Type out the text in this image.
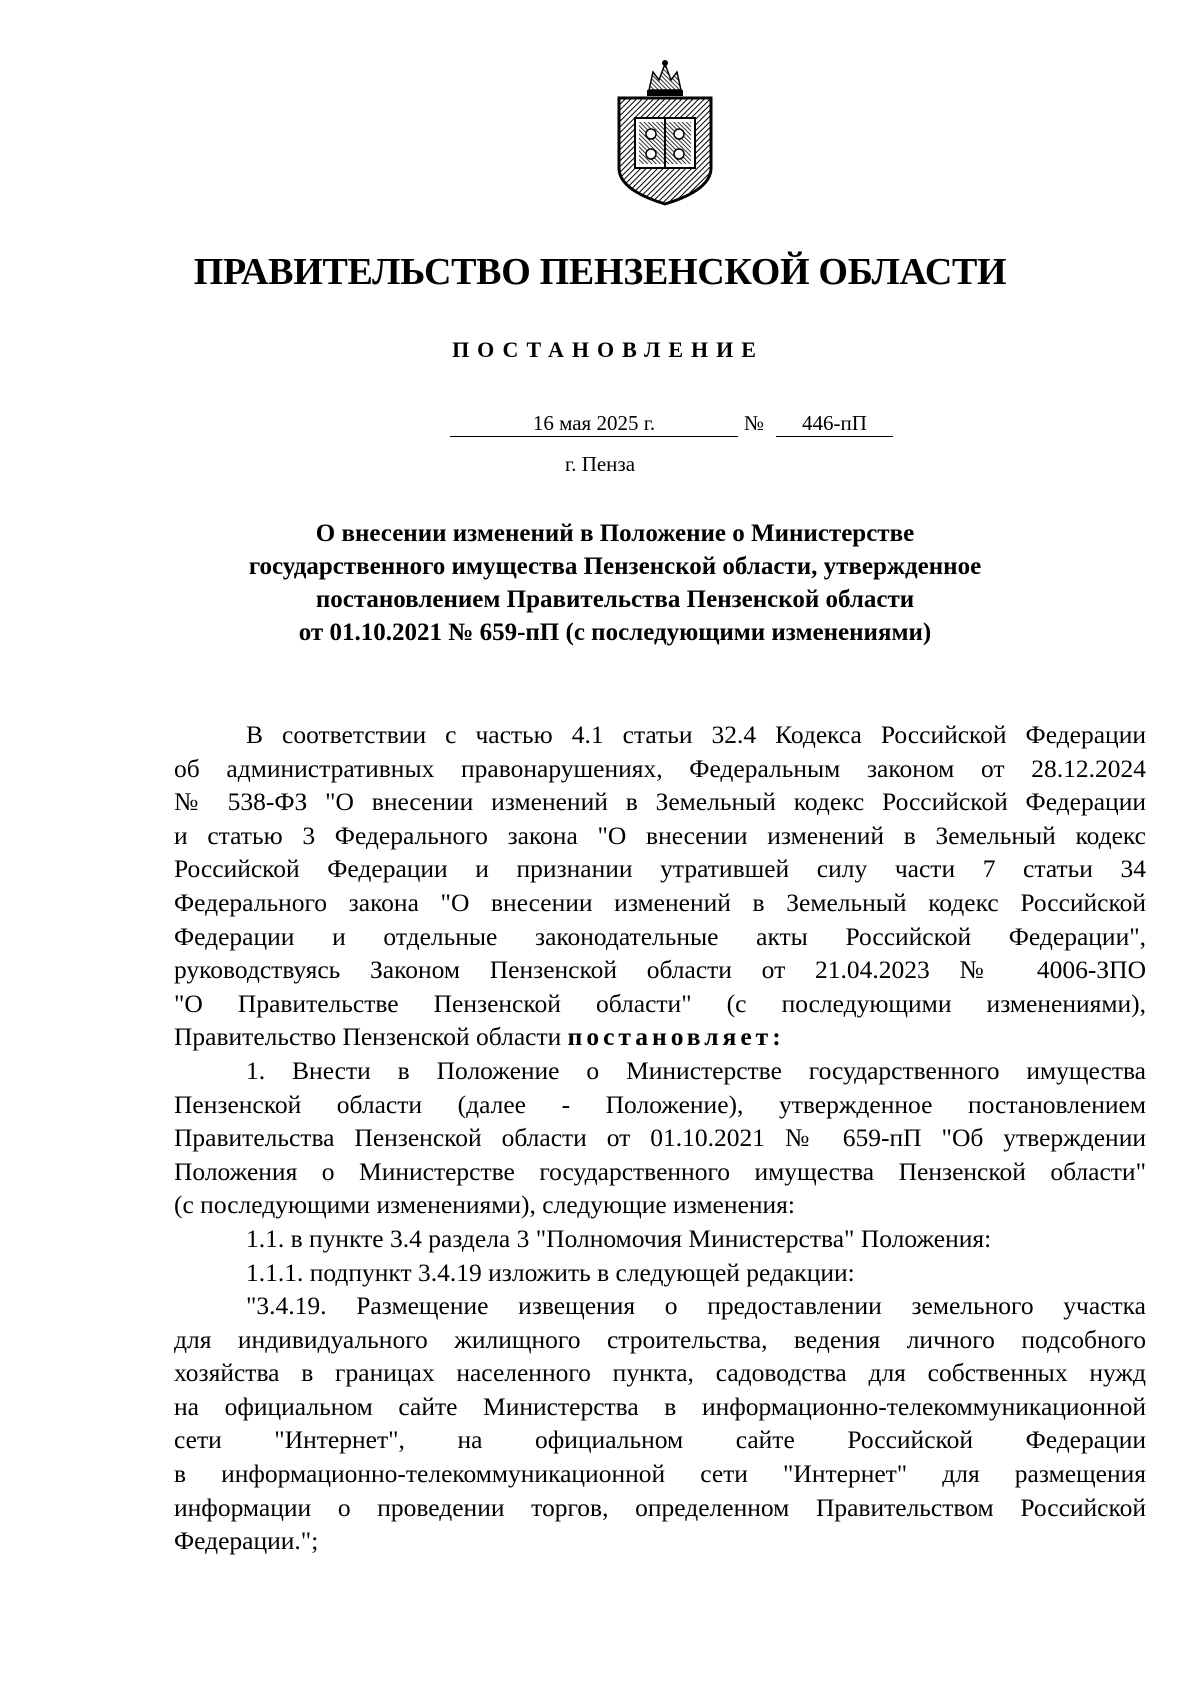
ПРАВИТЕЛЬСТВО ПЕНЗЕНСКОЙ ОБЛАСТИ
ПОСТАНОВЛЕНИЕ
16 мая 2025 г.	№	446-пП
г. Пенза
О внесении изменений в Положение о Министерстве
государственного имущества Пензенской области, утвержденное
постановлением Правительства Пензенской области
от 01.10.2021 № 659-пП (с последующими изменениями)
В соответствии с частью 4.1 статьи 32.4 Кодекса Российской Федерации
об административных правонарушениях, Федеральным законом от 28.12.2024
№ 538-ФЗ "О внесении изменений в Земельный кодекс Российской Федерации
и статью 3 Федерального закона "О внесении изменений в Земельный кодекс
Российской Федерации и признании утратившей силу части 7 статьи 34
Федерального закона "О внесении изменений в Земельный кодекс Российской
Федерации и отдельные законодательные акты Российской Федерации",
руководствуясь Законом Пензенской области от 21.04.2023 № 4006-ЗПО
"О Правительстве Пензенской области" (с последующими изменениями),
Правительство Пензенской области постановляет:
1. Внести в Положение о Министерстве государственного имущества
Пензенской области (далее - Положение), утвержденное постановлением
Правительства Пензенской области от 01.10.2021 № 659-пП "Об утверждении
Положения о Министерстве государственного имущества Пензенской области"
(с последующими изменениями), следующие изменения:
1.1. в пункте 3.4 раздела 3 "Полномочия Министерства" Положения:
1.1.1. подпункт 3.4.19 изложить в следующей редакции:
"3.4.19. Размещение извещения о предоставлении земельного участка
для индивидуального жилищного строительства, ведения личного подсобного
хозяйства в границах населенного пункта, садоводства для собственных нужд
на официальном сайте Министерства в информационно-телекоммуникационной
сети "Интернет", на официальном сайте Российской Федерации
в информационно-телекоммуникационной сети "Интернет" для размещения
информации о проведении торгов, определенном Правительством Российской
Федерации.";
